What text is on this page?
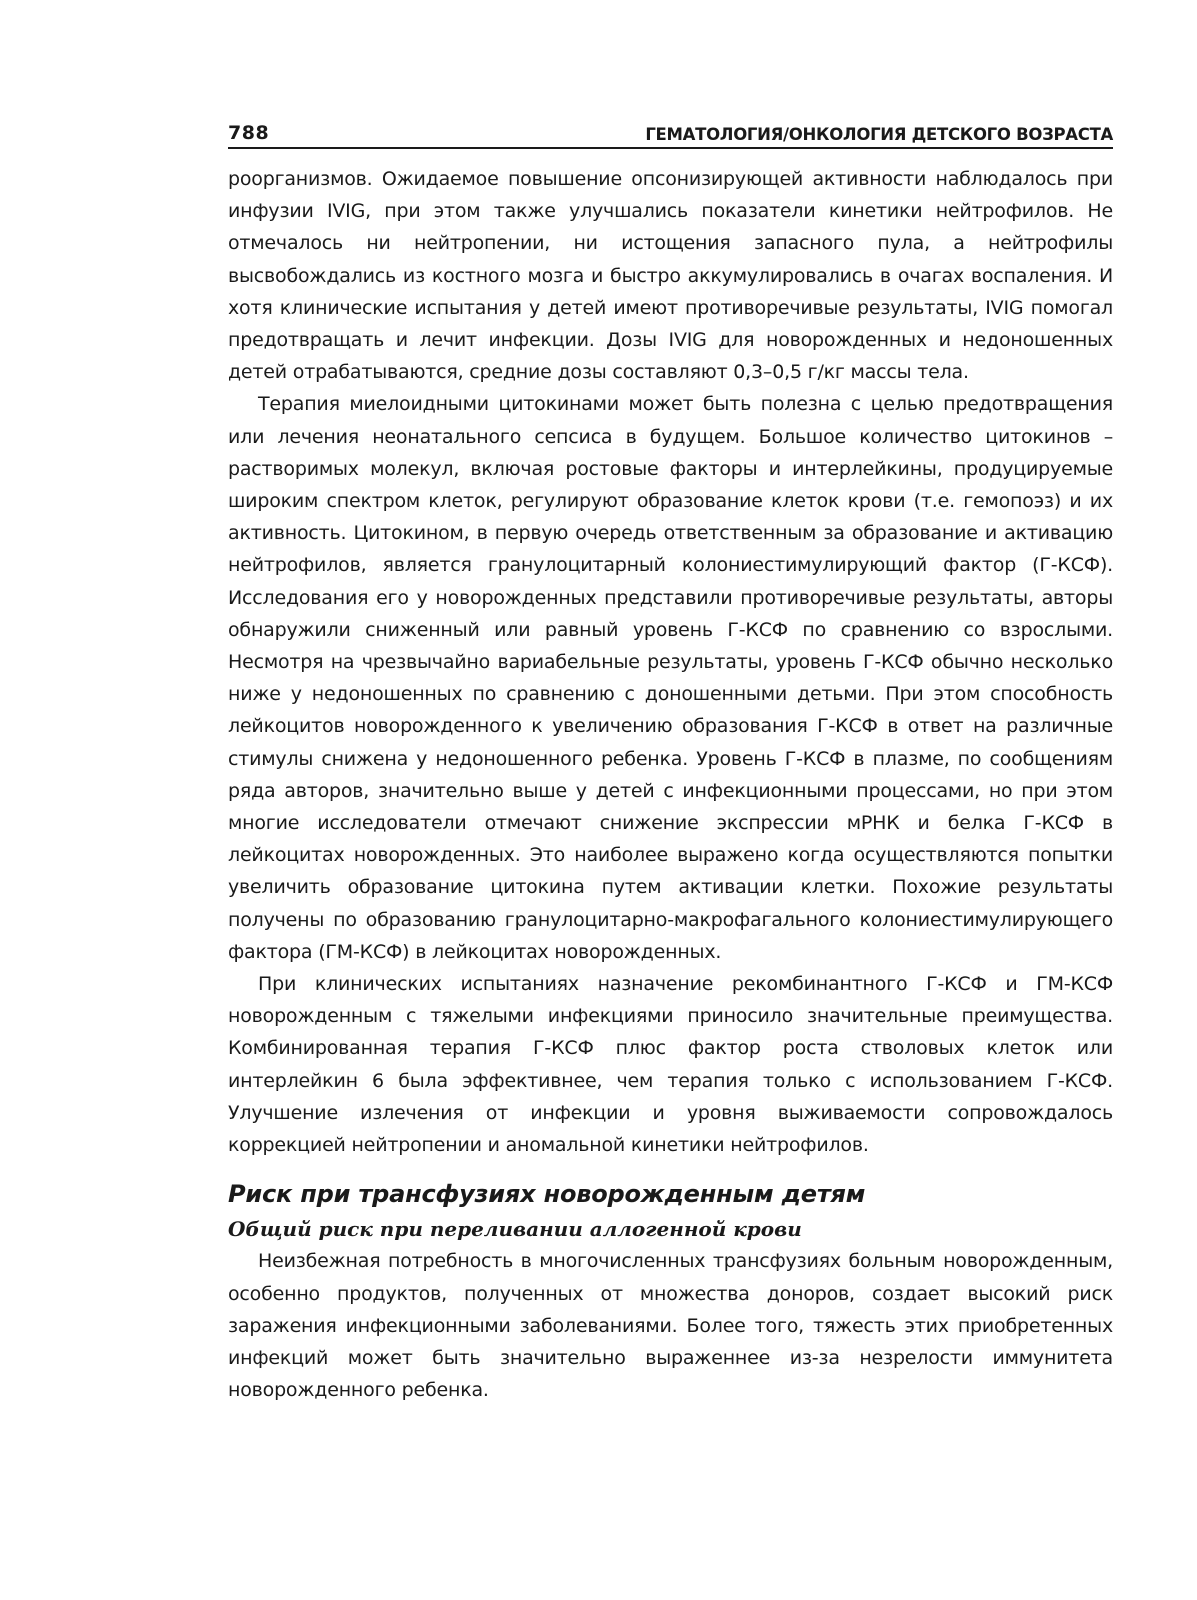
788	ГЕМАТОЛОГИЯ/ОНКОЛОГИЯ ДЕТСКОГО ВОЗРАСТА

роорганизмов. Ожидаемое повышение опсонизирующей активности наблюдалось при инфузии IVIG, при этом также улучшались показатели кинетики нейтрофилов. Не отмечалось ни нейтропении, ни истощения запасного пула, а нейтрофилы высвобождались из костного мозга и быстро аккумулировались в очагах воспаления. И хотя клинические испытания у детей имеют противоречивые результаты, IVIG помогал предотвращать и лечит инфекции. Дозы IVIG для новорожденных и недоношенных детей отрабатываются, средние дозы составляют 0,3–0,5 г/кг массы тела.

Терапия миелоидными цитокинами может быть полезна с целью предотвращения или лечения неонатального сепсиса в будущем. Большое количество цитокинов – растворимых молекул, включая ростовые факторы и интерлейкины, продуцируемые широким спектром клеток, регулируют образование клеток крови (т.е. гемопоэз) и их активность. Цитокином, в первую очередь ответственным за образование и активацию нейтрофилов, является гранулоцитарный колониестимулирующий фактор (Г-КСФ). Исследования его у новорожденных представили противоречивые результаты, авторы обнаружили сниженный или равный уровень Г-КСФ по сравнению со взрослыми. Несмотря на чрезвычайно вариабельные результаты, уровень Г-КСФ обычно несколько ниже у недоношенных по сравнению с доношенными детьми. При этом способность лейкоцитов новорожденного к увеличению образования Г-КСФ в ответ на различные стимулы снижена у недоношенного ребенка. Уровень Г-КСФ в плазме, по сообщениям ряда авторов, значительно выше у детей с инфекционными процессами, но при этом многие исследователи отмечают снижение экспрессии мРНК и белка Г-КСФ в лейкоцитах новорожденных. Это наиболее выражено когда осуществляются попытки увеличить образование цитокина путем активации клетки. Похожие результаты получены по образованию гранулоцитарно-макрофагального колониестимулирующего фактора (ГМ-КСФ) в лейкоцитах новорожденных.

При клинических испытаниях назначение рекомбинантного Г-КСФ и ГМ-КСФ новорожденным с тяжелыми инфекциями приносило значительные преимущества. Комбинированная терапия Г-КСФ плюс фактор роста стволовых клеток или интерлейкин 6 была эффективнее, чем терапия только с использованием Г-КСФ. Улучшение излечения от инфекции и уровня выживаемости сопровождалось коррекцией нейтропении и аномальной кинетики нейтрофилов.

Риск при трансфузиях новорожденным детям
Общий риск при переливании аллогенной крови

Неизбежная потребность в многочисленных трансфузиях больным новорожденным, особенно продуктов, полученных от множества доноров, создает высокий риск заражения инфекционными заболеваниями. Более того, тяжесть этих приобретенных инфекций может быть значительно выраженнее из-за незрелости иммунитета новорожденного ребенка.
